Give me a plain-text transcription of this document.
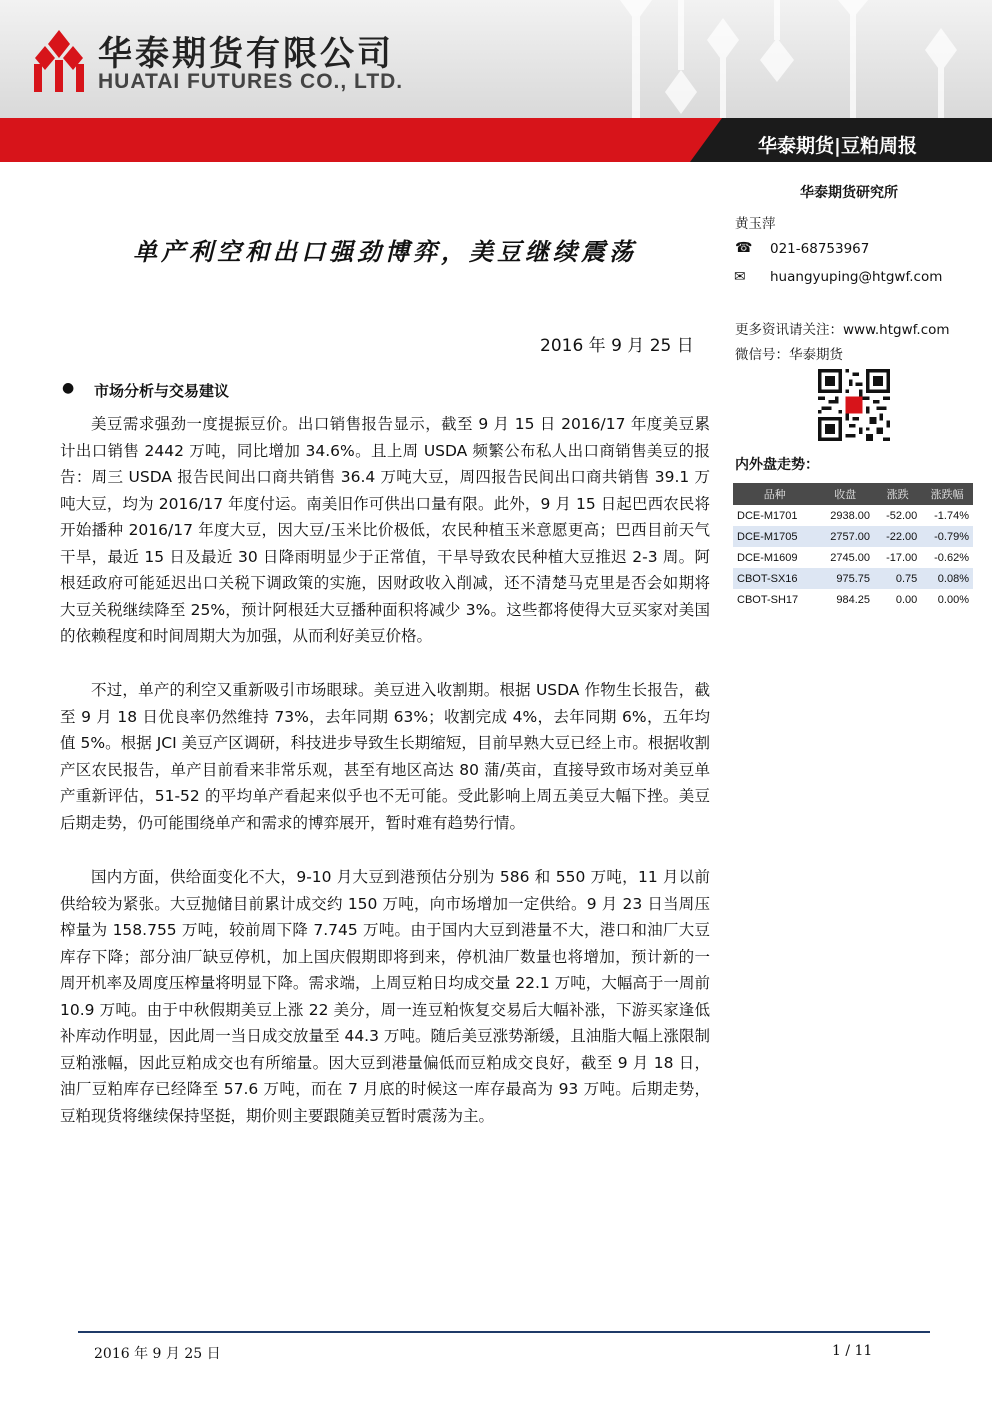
华泰期货有限公司
HUATAI FUTURES CO., LTD.
华泰期货|豆粕周报
单产利空和出口强劲博弈，美豆继续震荡
2016 年 9 月 25 日
● 市场分析与交易建议

美豆需求强劲一度提振豆价。出口销售报告显示，截至 9 月 15 日 2016/17 年度美豆累计出口销售 2442 万吨，同比增加 34.6%。且上周 USDA 频繁公布私人出口商销售美豆的报告：周三 USDA 报告民间出口商共销售 36.4 万吨大豆，周四报告民间出口商共销售 39.1 万吨大豆，均为 2016/17 年度付运。南美旧作可供出口量有限。此外，9 月 15 日起巴西农民将开始播种 2016/17 年度大豆，因大豆/玉米比价极低，农民种植玉米意愿更高；巴西目前天气干旱，最近 15 日及最近 30 日降雨明显少于正常值，干旱导致农民种植大豆推迟 2-3 周。阿根廷政府可能延迟出口关税下调政策的实施，因财政收入削减，还不清楚马克里是否会如期将大豆关税继续降至 25%，预计阿根廷大豆播种面积将减少 3%。这些都将使得大豆买家对美国的依赖程度和时间周期大为加强，从而利好美豆价格。

不过，单产的利空又重新吸引市场眼球。美豆进入收割期。根据 USDA 作物生长报告，截至 9 月 18 日优良率仍然维持 73%，去年同期 63%；收割完成 4%，去年同期 6%，五年均值 5%。根据 JCI 美豆产区调研，科技进步导致生长期缩短，目前早熟大豆已经上市。根据收割产区农民报告，单产目前看来非常乐观，甚至有地区高达 80 蒲/英亩，直接导致市场对美豆单产重新评估，51-52 的平均单产看起来似乎也不无可能。受此影响上周五美豆大幅下挫。美豆后期走势，仍可能围绕单产和需求的博弈展开，暂时难有趋势行情。

国内方面，供给面变化不大，9-10 月大豆到港预估分别为 586 和 550 万吨，11 月以前供给较为紧张。大豆抛储目前累计成交约 150 万吨，向市场增加一定供给。9 月 23 日当周压榨量为 158.755 万吨，较前周下降 7.745 万吨。由于国内大豆到港量不大，港口和油厂大豆库存下降；部分油厂缺豆停机，加上国庆假期即将到来，停机油厂数量也将增加，预计新的一周开机率及周度压榨量将明显下降。需求端，上周豆粕日均成交量 22.1 万吨，大幅高于一周前 10.9 万吨。由于中秋假期美豆上涨 22 美分，周一连豆粕恢复交易后大幅补涨，下游买家逢低补库动作明显，因此周一当日成交放量至 44.3 万吨。随后美豆涨势渐缓，且油脂大幅上涨限制豆粕涨幅，因此豆粕成交也有所缩量。因大豆到港量偏低而豆粕成交良好，截至 9 月 18 日，油厂豆粕库存已经降至 57.6 万吨，而在 7 月底的时候这一库存最高为 93 万吨。后期走势，豆粕现货将继续保持坚挺，期价则主要跟随美豆暂时震荡为主。

华泰期货研究所
黄玉萍
☎ 021-68753967
✉ huangyuping@htgwf.com
更多资讯请关注：www.htgwf.com
微信号：华泰期货
内外盘走势：
品种	收盘	涨跌	涨跌幅
DCE-M1701	2938.00	-52.00	-1.74%
DCE-M1705	2757.00	-22.00	-0.79%
DCE-M1609	2745.00	-17.00	-0.62%
CBOT-SX16	975.75	0.75	0.08%
CBOT-SH17	984.25	0.00	0.00%
2016 年 9 月 25 日	1 / 11
